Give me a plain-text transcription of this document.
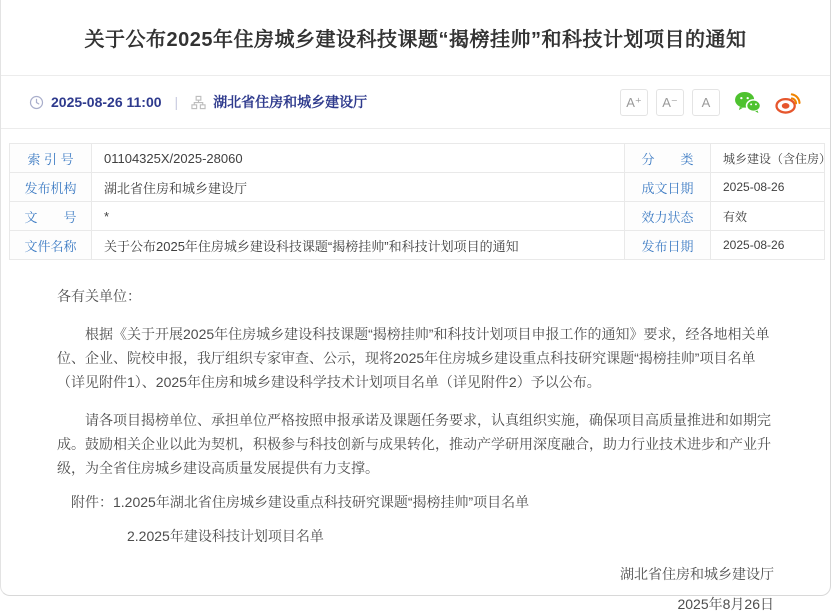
关于公布2025年住房城乡建设科技课题“揭榜挂帅”和科技计划项目的通知
2025-08-26 11:00 |	湖北省住房和城乡建设厅	A⁺	A⁻	A
索 引 号	01104325X/2025-28060	分　　类	城乡建设（含住房）
发布机构	湖北省住房和城乡建设厅	成文日期	2025-08-26
文　　号	*	效力状态	有效
文件名称	关于公布2025年住房城乡建设科技课题“揭榜挂帅”和科技计划项目的通知	发布日期	2025-08-26

各有关单位：

根据《关于开展2025年住房城乡建设科技课题“揭榜挂帅”和科技计划项目申报工作的通知》要求，经各地相关单位、企业、院校申报，我厅组织专家审查、公示，现将2025年住房城乡建设重点科技研究课题“揭榜挂帅”项目名单（详见附件1）、2025年住房和城乡建设科学技术计划项目名单（详见附件2）予以公布。

请各项目揭榜单位、承担单位严格按照申报承诺及课题任务要求，认真组织实施，确保项目高质量推进和如期完成。鼓励相关企业以此为契机，积极参与科技创新与成果转化，推动产学研用深度融合，助力行业技术进步和产业升级，为全省住房城乡建设高质量发展提供有力支撑。

附件：1.2025年湖北省住房城乡建设重点科技研究课题“揭榜挂帅”项目名单

2.2025年建设科技计划项目名单

湖北省住房和城乡建设厅

2025年8月26日
